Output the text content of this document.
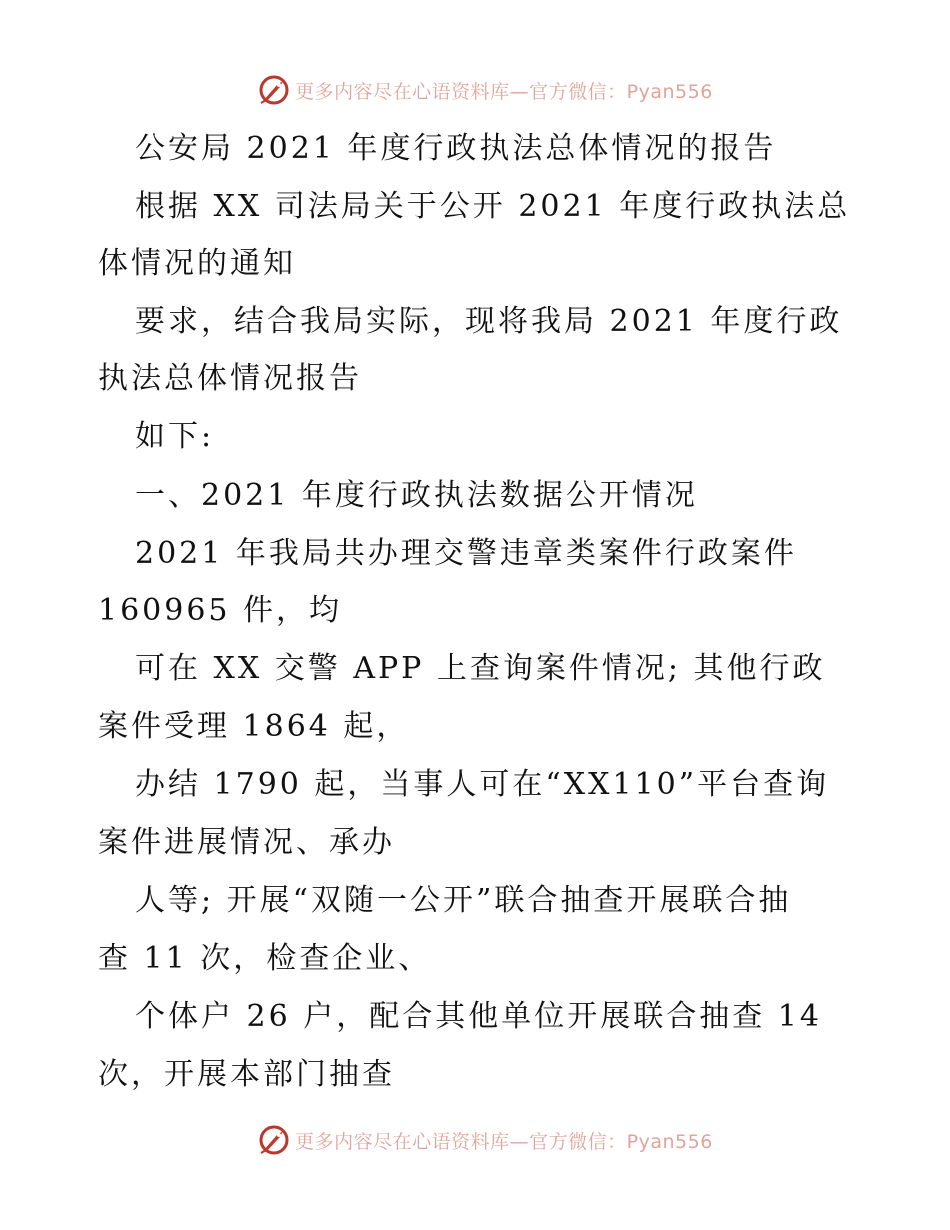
更多内容尽在心语资料库—官方微信：Pyan556
公安局 2021 年度行政执法总体情况的报告
根据 XX 司法局关于公开 2021 年度行政执法总
体情况的通知
要求，结合我局实际，现将我局 2021 年度行政
执法总体情况报告
如下:
一、2021 年度行政执法数据公开情况
2021 年我局共办理交警违章类案件行政案件
160965 件，均
可在 XX 交警 APP 上查询案件情况; 其他行政
案件受理 1864 起，
办结 1790 起，当事人可在“XX110”平台查询
案件进展情况、承办
人等; 开展“双随一公开”联合抽查开展联合抽
查 11 次，检查企业、
个体户 26 户，配合其他单位开展联合抽查 14
次，开展本部门抽查
更多内容尽在心语资料库—官方微信：Pyan556
